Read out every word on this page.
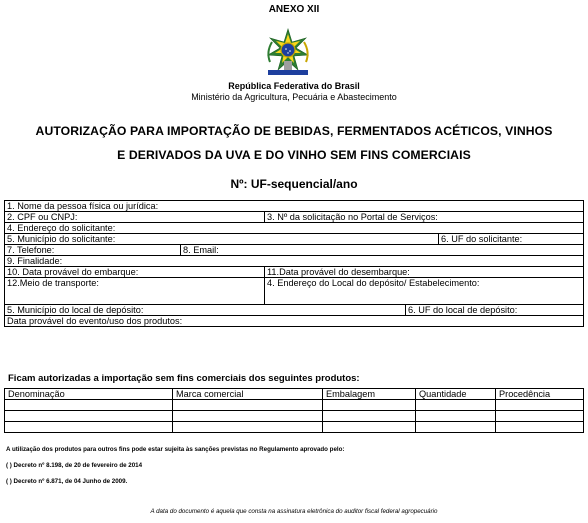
ANEXO XII
República Federativa do Brasil
Ministério da Agricultura, Pecuária e Abastecimento
AUTORIZAÇÃO PARA IMPORTAÇÃO DE BEBIDAS, FERMENTADOS ACÉTICOS, VINHOS
E DERIVADOS DA UVA E DO VINHO SEM FINS COMERCIAIS
Nº: UF-sequencial/ano
1. Nome da pessoa física ou jurídica:				
2. CPF ou CNPJ:		3. Nº da solicitação no Portal de Serviços:		
4. Endereço do solicitante:				
5. Município do solicitante:				6. UF do solicitante:
7. Telefone:	8. Email:			
9. Finalidade:				
10. Data provável do embarque:		11.Data provável do desembarque:		
12.Meio de transporte:		4. Endereço do Local do depósito/ Estabelecimento:		
5. Município do local de depósito:			6. UF do local de depósito:	
Data provável do evento/uso dos produtos:				
Ficam autorizadas a importação sem fins comerciais dos seguintes produtos:
Denominação	Marca comercial	Embalagem	Quantidade	Procedência

A utilização dos produtos para outros fins pode estar sujeita às sanções previstas no Regulamento aprovado pelo:
( ) Decreto nº 8.198, de 20 de fevereiro de 2014
( ) Decreto nº 6.871, de 04 Junho de 2009.
A data do documento é aquela que consta na assinatura eletrônica do auditor fiscal federal agropecuário
